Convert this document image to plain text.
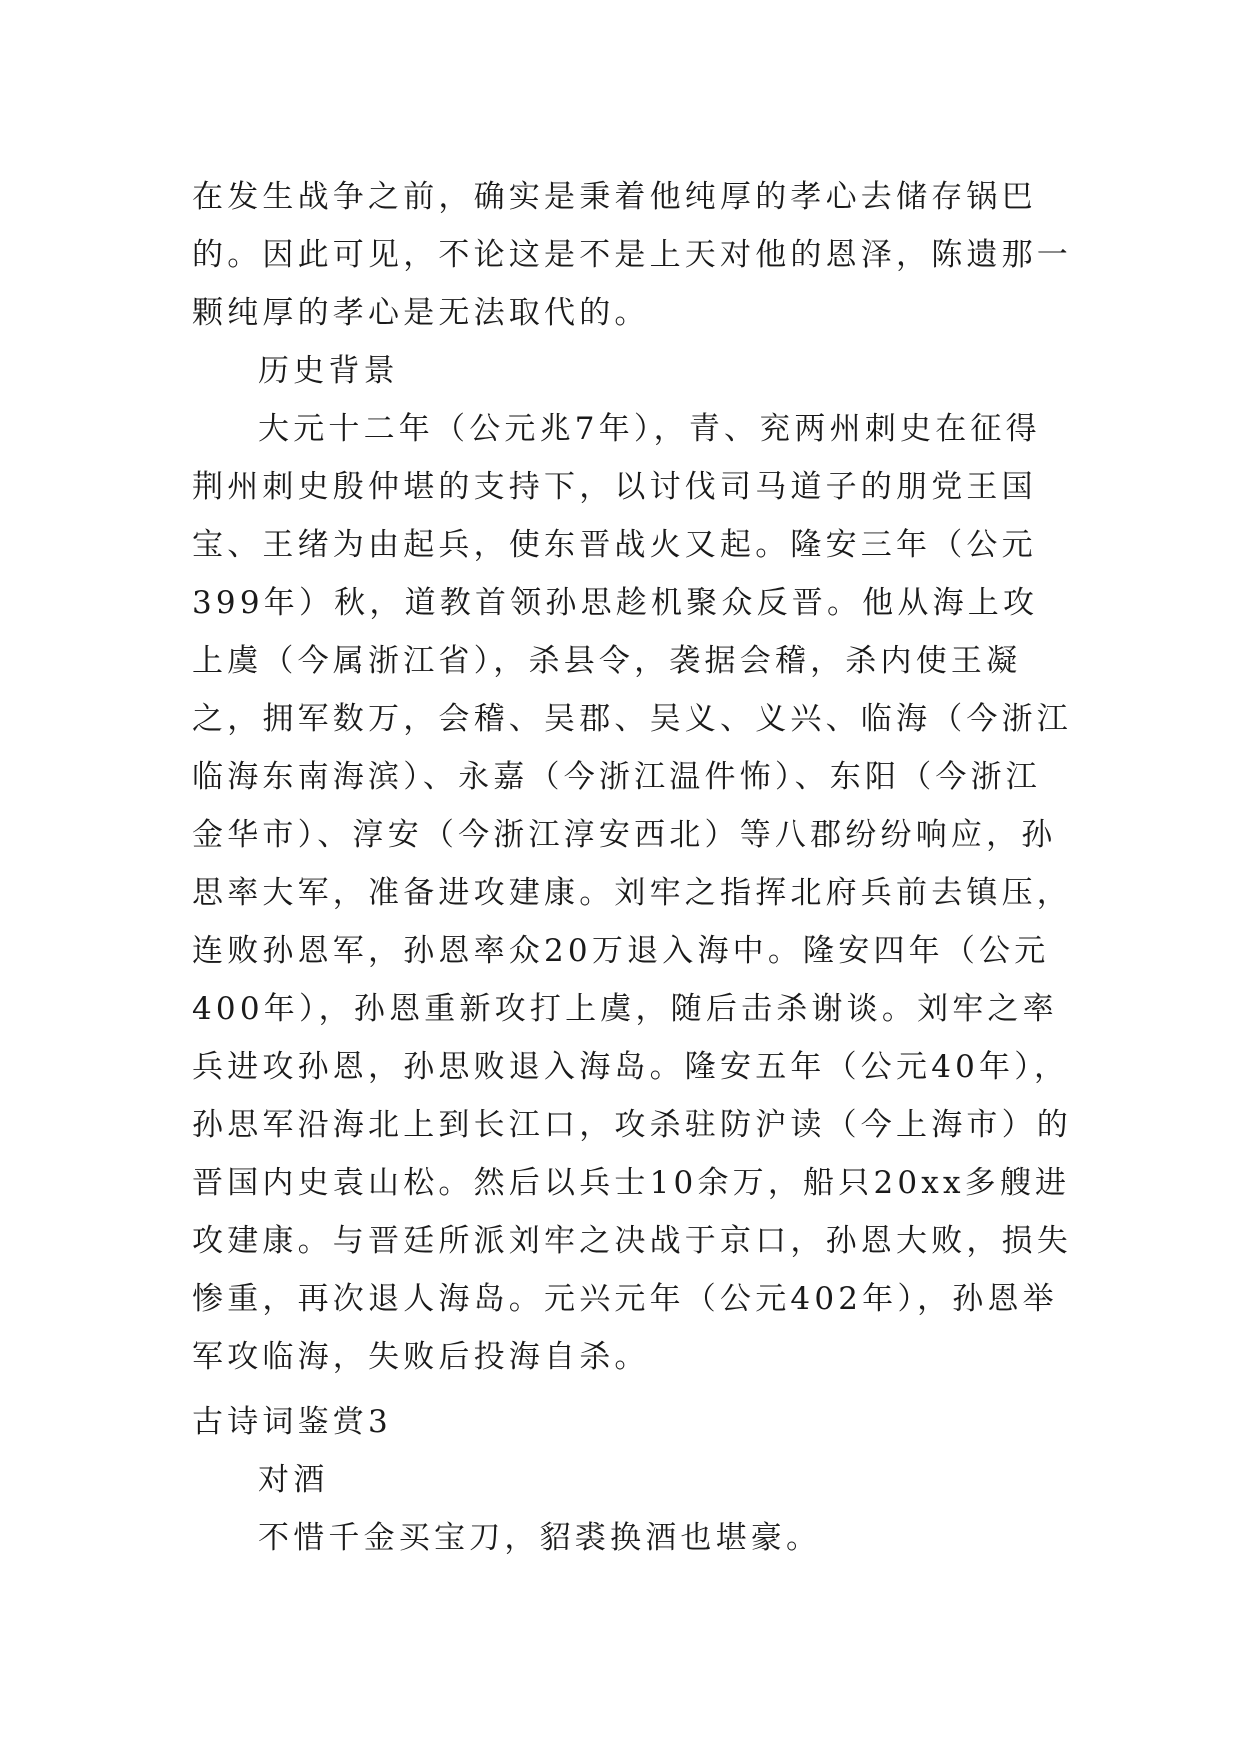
在发生战争之前，确实是秉着他纯厚的孝心去储存锅巴的。因此可见，不论这是不是上天对他的恩泽，陈遗那一颗纯厚的孝心是无法取代的。

历史背景

大元十二年（公元兆7年），青、兖两州刺史在征得荆州刺史殷仲堪的支持下，以讨伐司马道子的朋党王国宝、王绪为由起兵，使东晋战火又起。隆安三年（公元399年）秋，道教首领孙思趁机聚众反晋。他从海上攻上虞（今属浙江省），杀县令，袭据会稽，杀内使王凝之，拥军数万，会稽、吴郡、吴义、义兴、临海（今浙江临海东南海滨）、永嘉（今浙江温件怖）、东阳（今浙江金华市）、淳安（今浙江淳安西北）等八郡纷纷响应，孙思率大军，准备进攻建康。刘牢之指挥北府兵前去镇压，连败孙恩军，孙恩率众20万退入海中。隆安四年（公元400年），孙恩重新攻打上虞，随后击杀谢谈。刘牢之率兵进攻孙恩，孙思败退入海岛。隆安五年（公元40年），孙思军沿海北上到长江口，攻杀驻防沪读（今上海市）的晋国内史袁山松。然后以兵士10余万，船只20xx多艘进攻建康。与晋廷所派刘牢之决战于京口，孙恩大败，损失惨重，再次退人海岛。元兴元年（公元402年），孙恩举军攻临海，失败后投海自杀。

古诗词鉴赏3

对酒

不惜千金买宝刀，貂裘换酒也堪豪。
